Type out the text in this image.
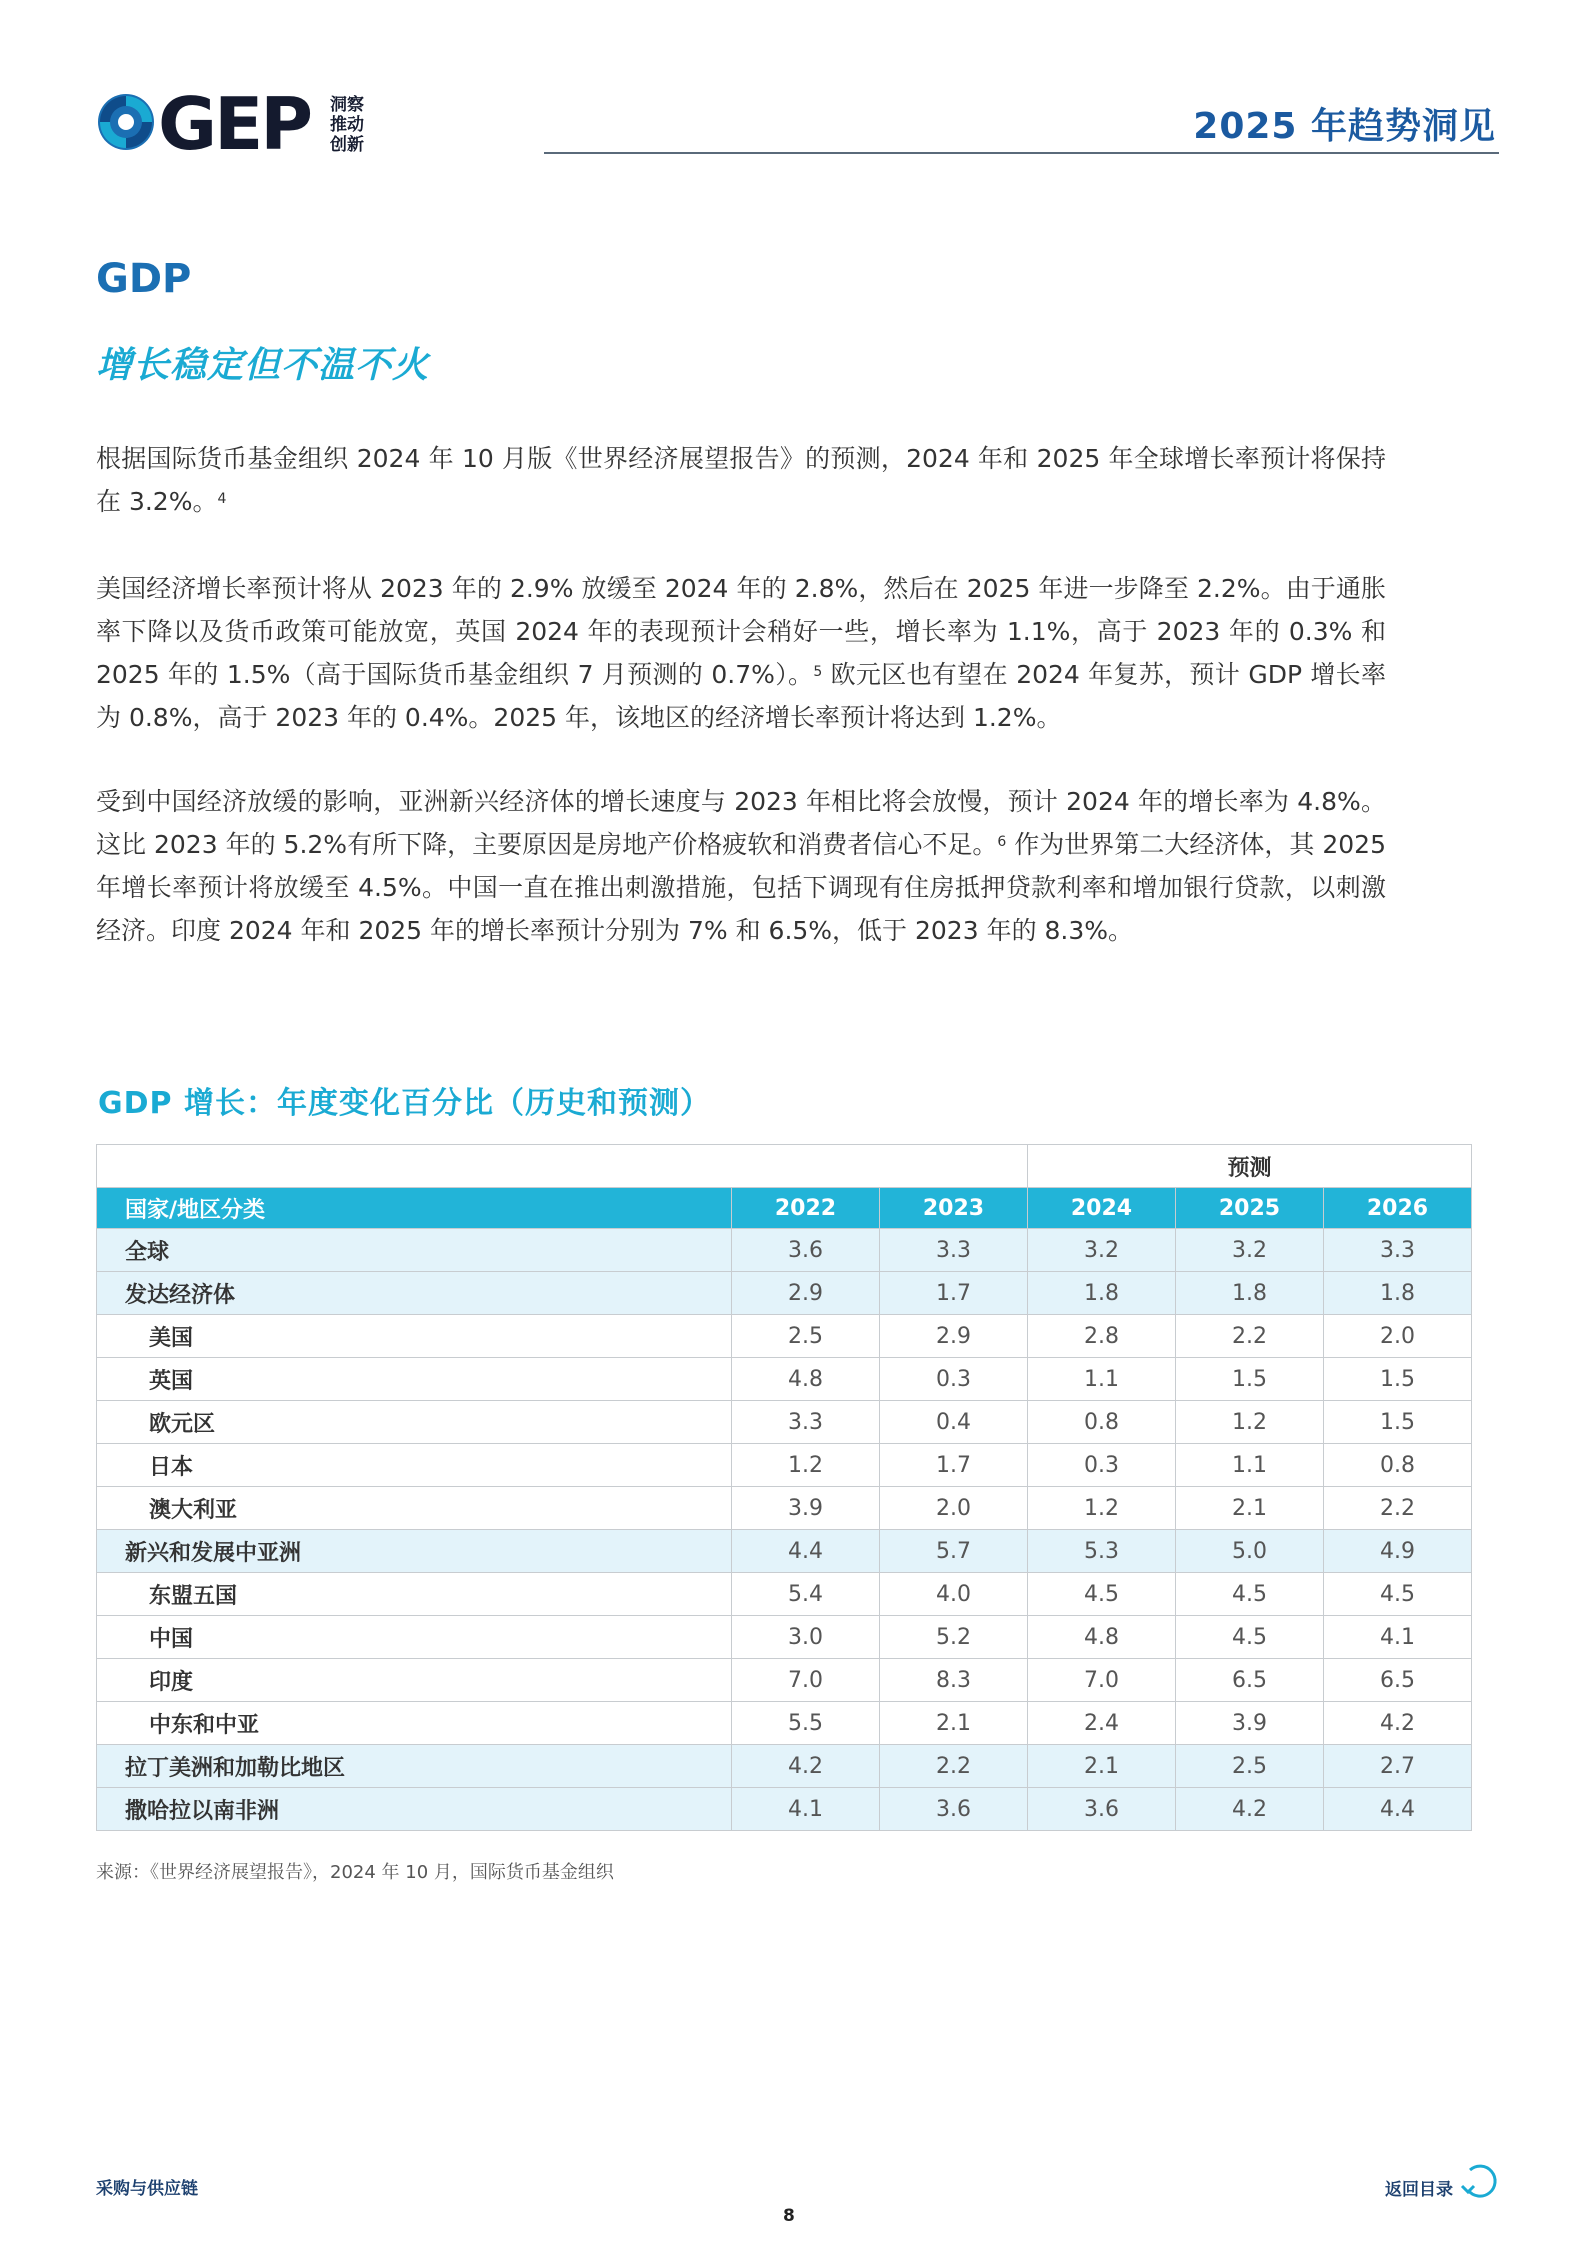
GEP 洞察
推动
创新	2025 年趋势洞见
GDP
增长稳定但不温不火
根据国际货币基金组织 2024 年 10 月版《世界经济展望报告》的预测，2024 年和 2025 年全球增长率预计将保持在 3.2%。$^4$
美国经济增长率预计将从 2023 年的 2.9% 放缓至 2024 年的 2.8%，然后在 2025 年进一步降至 2.2%。由于通胀率下降以及货币政策可能放宽，英国 2024 年的表现预计会稍好一些，增长率为 1.1%，高于 2023 年的 0.3% 和 2025 年的 1.5%（高于国际货币基金组织 7 月预测的 0.7%）。$^5$ 欧元区也有望在 2024 年复苏，预计 GDP 增长率为 0.8%，高于 2023 年的 0.4%。2025 年，该地区的经济增长率预计将达到 1.2%。
受到中国经济放缓的影响，亚洲新兴经济体的增长速度与 2023 年相比将会放慢，预计 2024 年的增长率为 4.8%。这比 2023 年的 5.2%有所下降，主要原因是房地产价格疲软和消费者信心不足。$^6$ 作为世界第二大经济体，其 2025 年增长率预计将放缓至 4.5%。中国一直在推出刺激措施，包括下调现有住房抵押贷款利率和增加银行贷款，以刺激经济。印度 2024 年和 2025 年的增长率预计分别为 7% 和 6.5%，低于 2023 年的 8.3%。
GDP 增长：年度变化百分比（历史和预测）
			预测		
国家/地区分类	2022	2023	2024	2025	2026
全球	3.6	3.3	3.2	3.2	3.3
发达经济体	2.9	1.7	1.8	1.8	1.8
美国	2.5	2.9	2.8	2.2	2.0
英国	4.8	0.3	1.1	1.5	1.5
欧元区	3.3	0.4	0.8	1.2	1.5
日本	1.2	1.7	0.3	1.1	0.8
澳大利亚	3.9	2.0	1.2	2.1	2.2
新兴和发展中亚洲	4.4	5.7	5.3	5.0	4.9
东盟五国	5.4	4.0	4.5	4.5	4.5
中国	3.0	5.2	4.8	4.5	4.1
印度	7.0	8.3	7.0	6.5	6.5
中东和中亚	5.5	2.1	2.4	3.9	4.2
拉丁美洲和加勒比地区	4.2	2.2	2.1	2.5	2.7
撒哈拉以南非洲	4.1	3.6	3.6	4.2	4.4
来源：《世界经济展望报告》，2024 年 10 月，国际货币基金组织
采购与供应链
8
返回目录
